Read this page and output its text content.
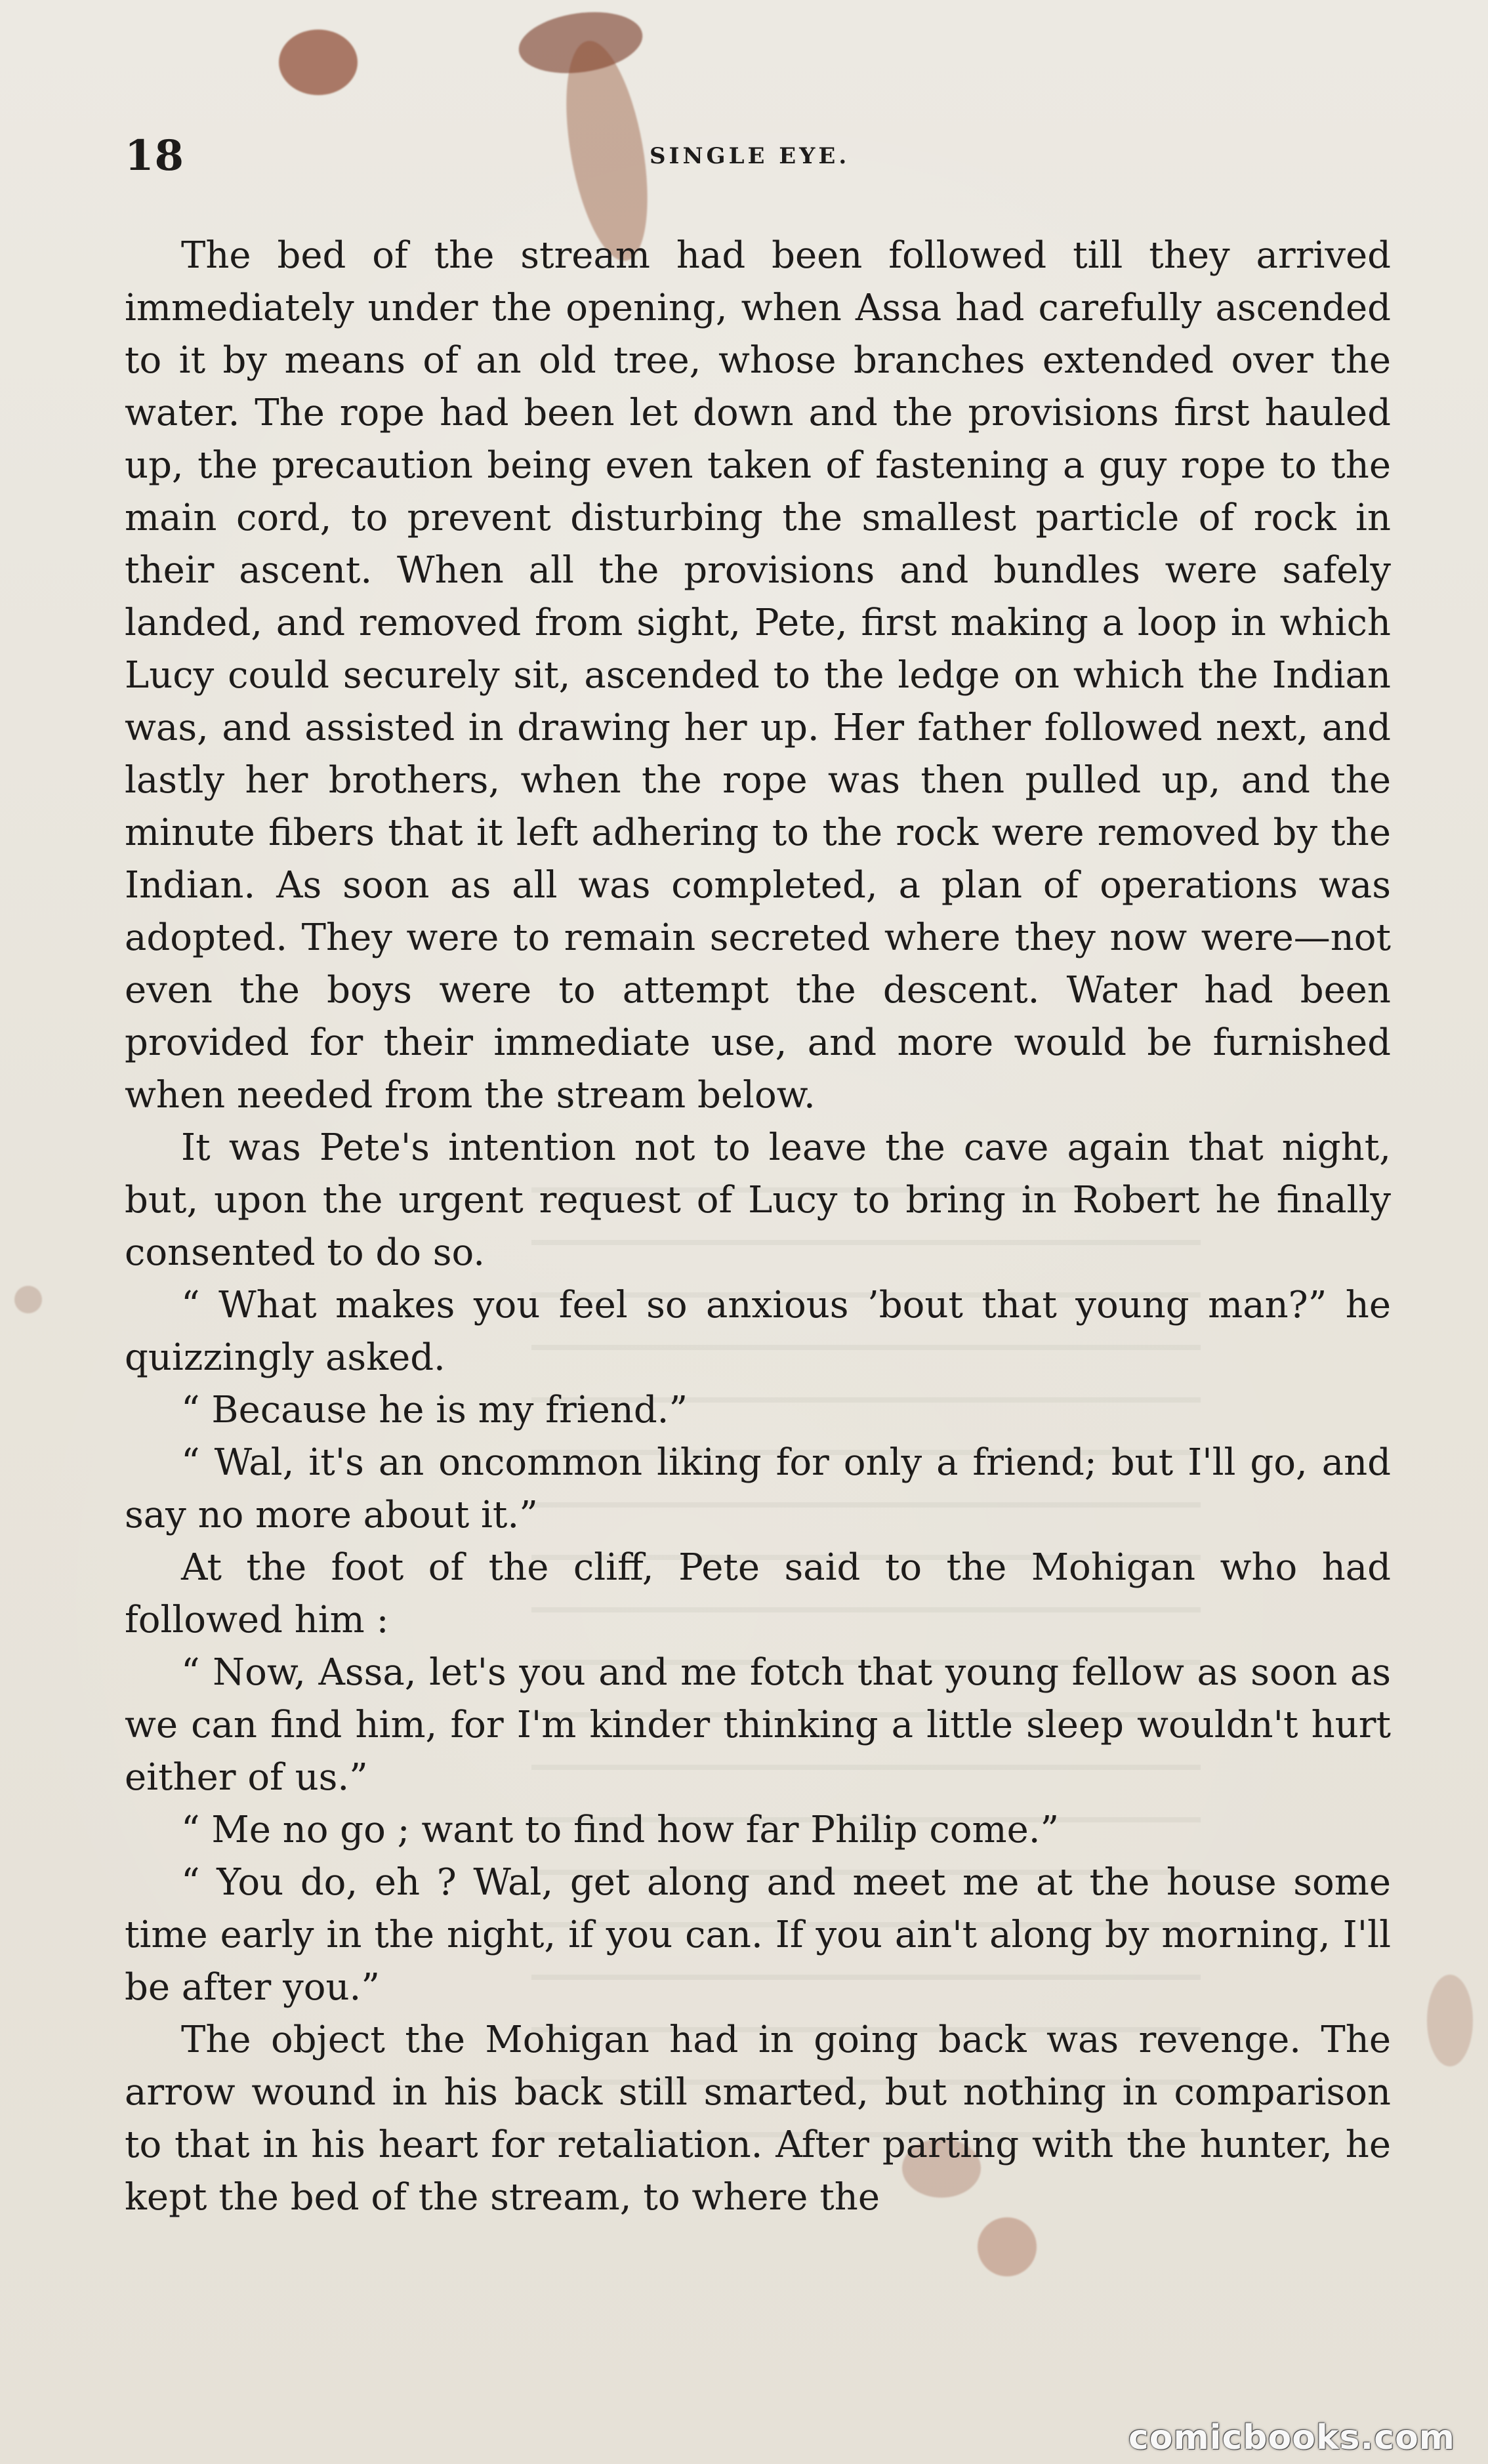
18	SINGLE EYE.

The bed of the stream had been followed till they arrived immediately under the opening, when Assa had carefully ascended to it by means of an old tree, whose branches extended over the water. The rope had been let down and the provisions first hauled up, the precaution being even taken of fastening a guy rope to the main cord, to prevent disturbing the smallest particle of rock in their ascent. When all the provisions and bundles were safely landed, and removed from sight, Pete, first making a loop in which Lucy could securely sit, ascended to the ledge on which the Indian was, and assisted in drawing her up. Her father followed next, and lastly her brothers, when the rope was then pulled up, and the minute fibers that it left adhering to the rock were removed by the Indian. As soon as all was completed, a plan of operations was adopted. They were to remain secreted where they now were—not even the boys were to attempt the descent. Water had been provided for their immediate use, and more would be furnished when needed from the stream below.

It was Pete's intention not to leave the cave again that night, but, upon the urgent request of Lucy to bring in Robert he finally consented to do so.

“ What makes you feel so anxious ’bout that young man?” he quizzingly asked.

“ Because he is my friend.”

“ Wal, it's an oncommon liking for only a friend; but I'll go, and say no more about it.”

At the foot of the cliff, Pete said to the Mohigan who had followed him :

“ Now, Assa, let's you and me fotch that young fellow as soon as we can find him, for I'm kinder thinking a little sleep wouldn't hurt either of us.”

“ Me no go ; want to find how far Philip come.”

“ You do, eh ? Wal, get along and meet me at the house some time early in the night, if you can. If you ain't along by morning, I'll be after you.”

The object the Mohigan had in going back was revenge. The arrow wound in his back still smarted, but nothing in comparison to that in his heart for retaliation. After parting with the hunter, he kept the bed of the stream, to where the

comicbooks.com
